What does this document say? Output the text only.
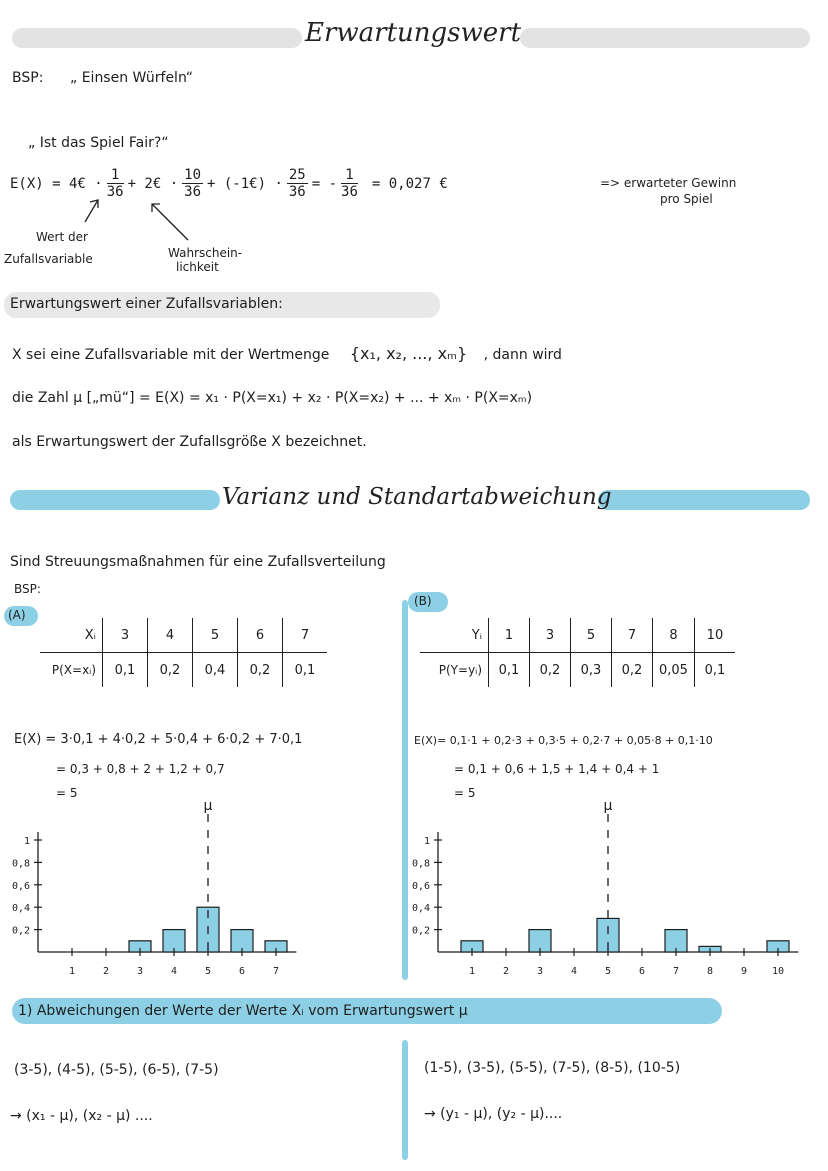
Erwartungswert
BSP: „ Einsen Würfeln“
„ Ist das Spiel Fair?“
E(X) = 4€ · $\frac{1}{36}$ + 2€ · $\frac{10}{36}$ + (-1€) · $\frac{25}{36}$ = - $\frac{1}{36} = 0,027$ €	=> erwarteter Gewinn
pro Spiel
Wert der
Zufallsvariable	Wahrschein-
lichkeit
Erwartungswert einer Zufallsvariablen:
X sei eine Zufallsvariable mit der Wertmenge {x₁, x₂, ..., xₘ} , dann wird
die Zahl μ [„mü“] = E(X) = x₁ · P(X=x₁) + x₂ · P(X=x₂) + ... + xₘ · P(X=xₘ)
als Erwartungswert der Zufallsgröße X bezeichnet.
Varianz und Standartabweichung
Sind Streuungsmaßnahmen für eine Zufallsverteilung
BSP:
(A)
(B)
Xᵢ	3	4	5	6	7
P(X=xᵢ)	0,1	0,2	0,4	0,2	0,1
Yᵢ	1	3	5	7	8	10
P(Y=yᵢ)	0,1	0,2	0,3	0,2	0,05	0,1
E(X) = 3·0,1 + 4·0,2 + 5·0,4 + 6·0,2 + 7·0,1
= 0,3 + 0,8 + 2 + 1,2 + 0,7
= 5
E(X)= 0,1·1 + 0,2·3 + 0,3·5 + 0,2·7 + 0,05·8 + 0,1·10
= 0,1 + 0,6 + 1,5 + 1,4 + 0,4 + 1
= 5
1
0,8
0,6
0,4
0,2
1	2	3	4	5	6	7
μ
1
0,8
0,6
0,4
0,2
1	2	3	4	5	6	7	8	9 10
μ
1) Abweichungen der Werte der Werte Xᵢ vom Erwartungswert μ
(3-5), (4-5), (5-5), (6-5), (7-5)
→ (x₁ - μ), (x₂ - μ) ....
(1-5), (3-5), (5-5), (7-5), (8-5), (10-5)
→ (y₁ - μ), (y₂ - μ)....
